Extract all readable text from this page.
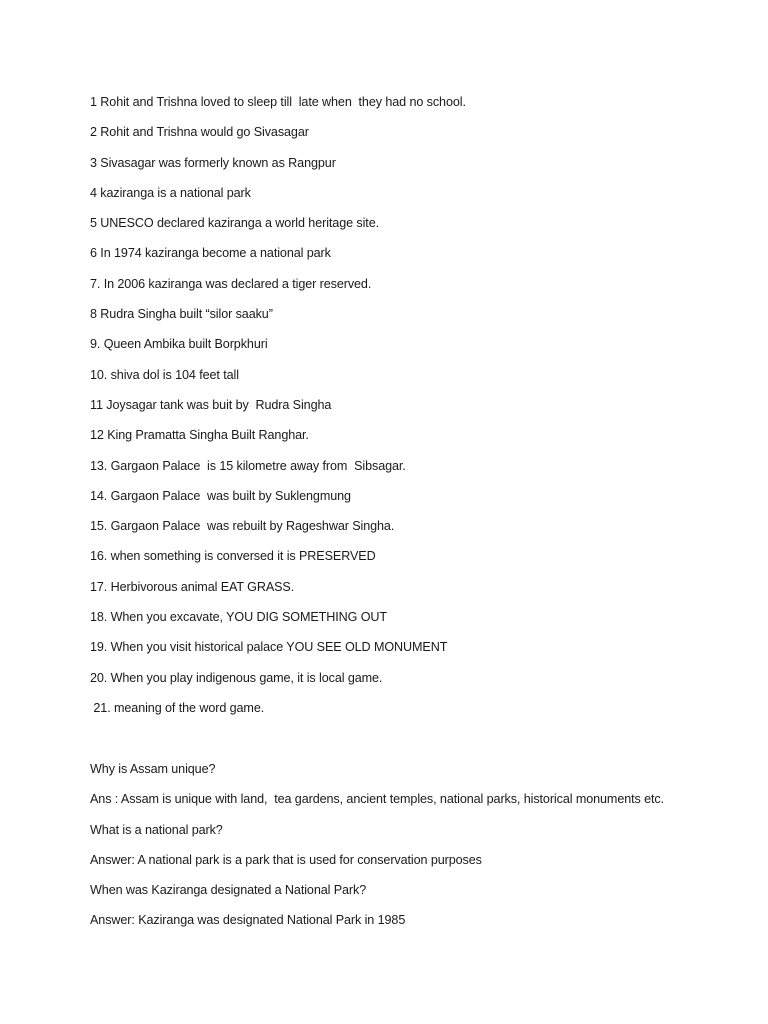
1 Rohit and Trishna loved to sleep till  late when  they had no school.
2 Rohit and Trishna would go Sivasagar
3 Sivasagar was formerly known as Rangpur
4 kaziranga is a national park
5 UNESCO declared kaziranga a world heritage site.
6 In 1974 kaziranga become a national park
7. In 2006 kaziranga was declared a tiger reserved.
8 Rudra Singha built “silor saaku”
9. Queen Ambika built Borpkhuri
10. shiva dol is 104 feet tall
11 Joysagar tank was buit by  Rudra Singha
12 King Pramatta Singha Built Ranghar.
13. Gargaon Palace  is 15 kilometre away from  Sibsagar.
14. Gargaon Palace  was built by Suklengmung
15. Gargaon Palace  was rebuilt by Rageshwar Singha.
16. when something is conversed it is PRESERVED
17. Herbivorous animal EAT GRASS.
18. When you excavate, YOU DIG SOMETHING OUT
19. When you visit historical palace YOU SEE OLD MONUMENT
20. When you play indigenous game, it is local game.
21. meaning of the word game.
Why is Assam unique?
Ans : Assam is unique with land,  tea gardens, ancient temples, national parks, historical monuments etc.
What is a national park?
Answer: A national park is a park that is used for conservation purposes
When was Kaziranga designated a National Park?
Answer: Kaziranga was designated National Park in 1985
